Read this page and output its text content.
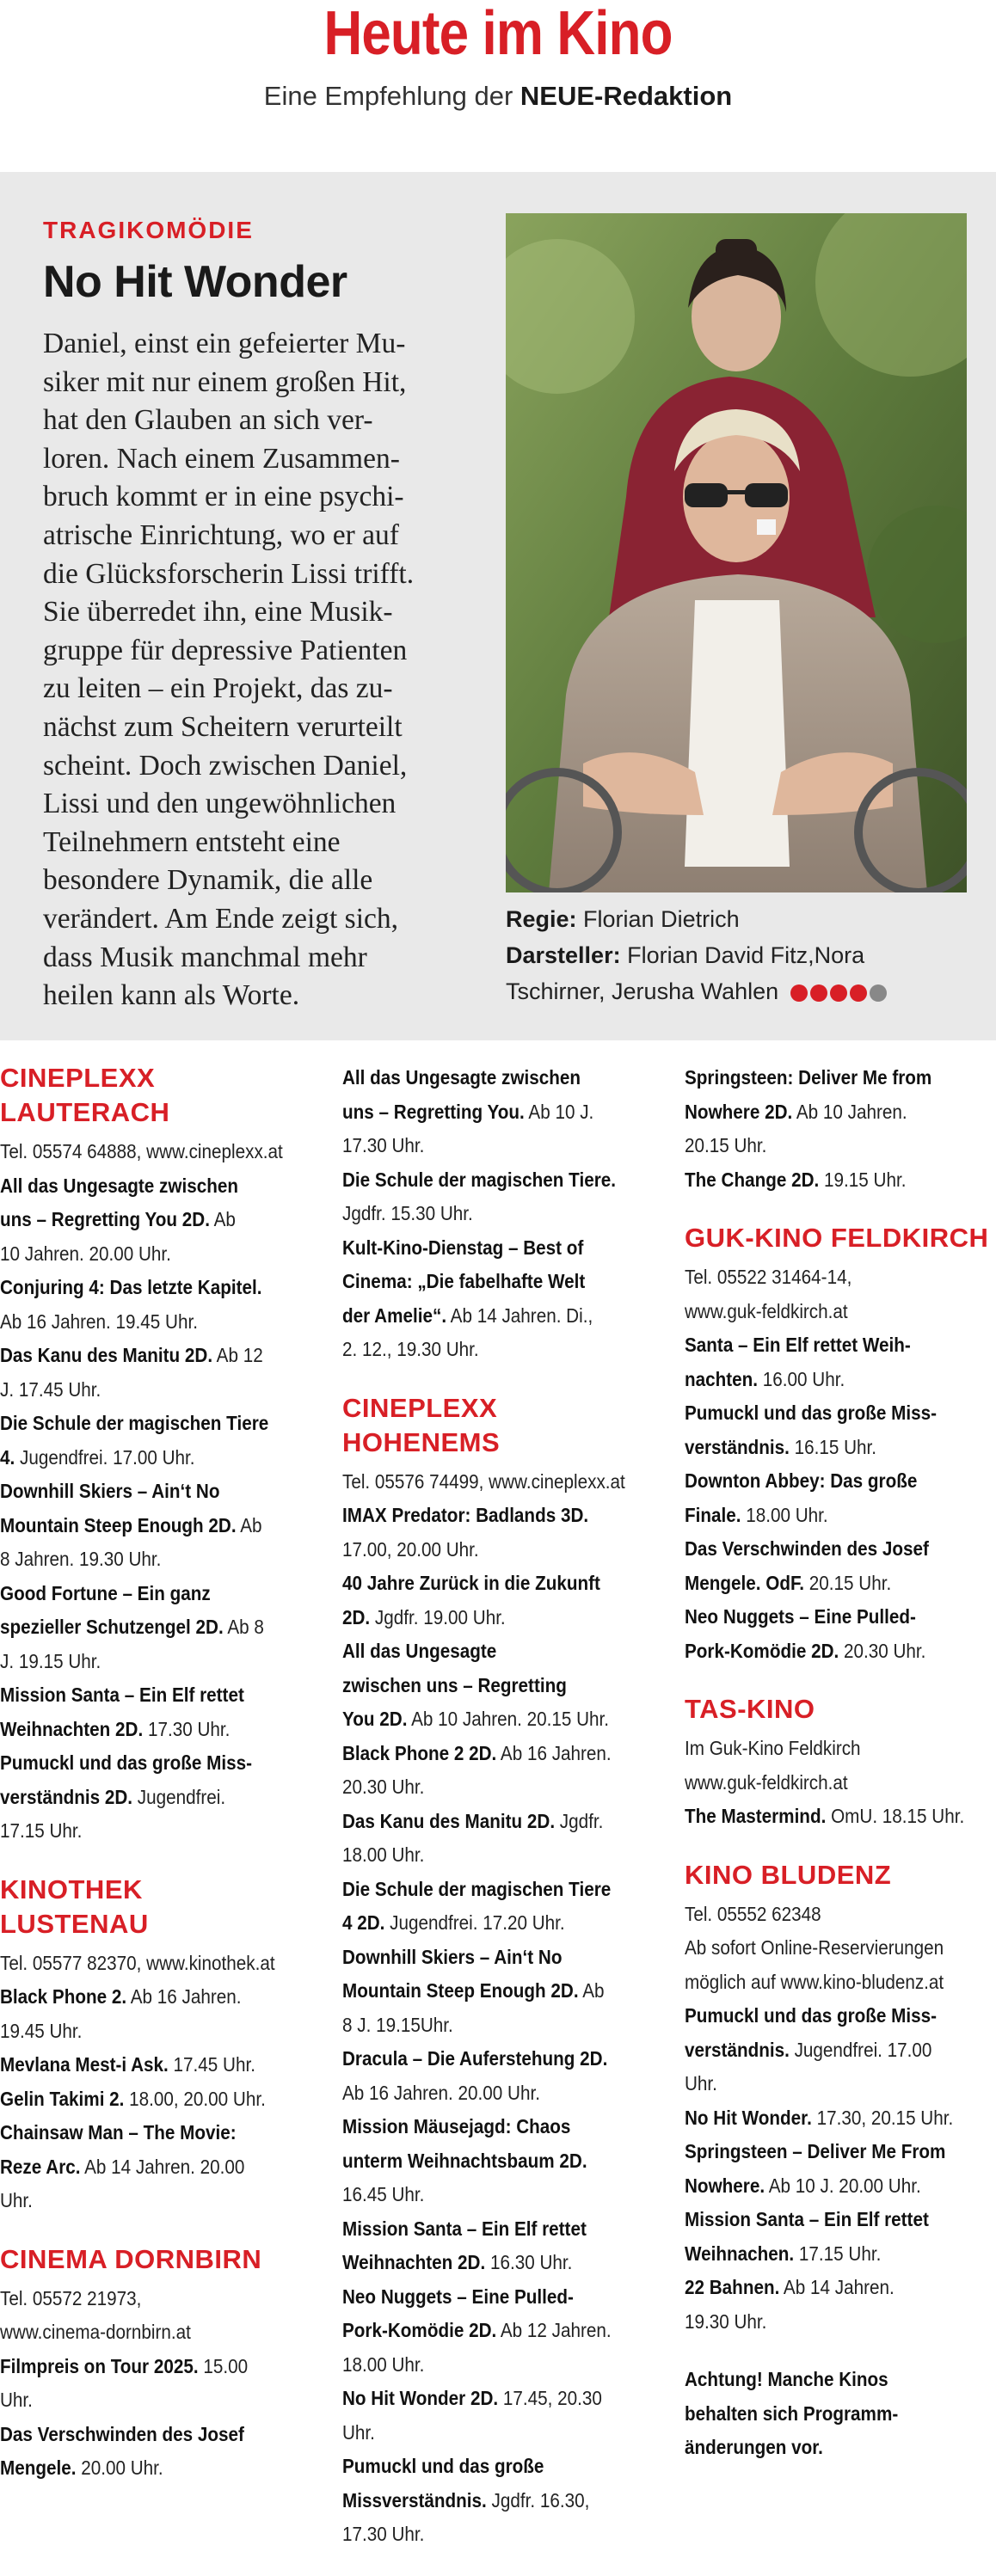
Heute im Kino
Eine Empfehlung der NEUE-Redaktion
TRAGIKOMÖDIE
No Hit Wonder
Daniel, einst ein gefeierter Mu-
siker mit nur einem großen Hit,
hat den Glauben an sich ver-
loren. Nach einem Zusammen-
bruch kommt er in eine psychi-
atrische Einrichtung, wo er auf
die Glücksforscherin Lissi trifft.
Sie überredet ihn, eine Musik-
gruppe für depressive Patienten
zu leiten – ein Projekt, das zu-
nächst zum Scheitern verurteilt
scheint. Doch zwischen Daniel,
Lissi und den ungewöhnlichen
Teilnehmern entsteht eine
besondere Dynamik, die alle
verändert. Am Ende zeigt sich,
dass Musik manchmal mehr
heilen kann als Worte.
Regie: Florian Dietrich
Darsteller: Florian David Fitz,Nora
Tschirner, Jerusha Wahlen
CINEPLEXX
LAUTERACH
Tel. 05574 64888, www.cineplexx.at
All das Ungesagte zwischen
uns – Regretting You 2D. Ab
10 Jahren. 20.00 Uhr.
Conjuring 4: Das letzte Kapitel.
Ab 16 Jahren. 19.45 Uhr.
Das Kanu des Manitu 2D. Ab 12
J. 17.45 Uhr.
Die Schule der magischen Tiere
4. Jugendfrei. 17.00 Uhr.
Downhill Skiers – Ain‘t No
Mountain Steep Enough 2D. Ab
8 Jahren. 19.30 Uhr.
Good Fortune – Ein ganz
spezieller Schutzengel 2D. Ab 8
J. 19.15 Uhr.
Mission Santa – Ein Elf rettet
Weihnachten 2D. 17.30 Uhr.
Pumuckl und das große Miss-
verständnis 2D. Jugendfrei.
17.15 Uhr.
KINOTHEK
LUSTENAU
Tel. 05577 82370, www.kinothek.at
Black Phone 2. Ab 16 Jahren.
19.45 Uhr.
Mevlana Mest-i Ask. 17.45 Uhr.
Gelin Takimi 2. 18.00, 20.00 Uhr.
Chainsaw Man – The Movie:
Reze Arc. Ab 14 Jahren. 20.00
Uhr.
CINEMA DORNBIRN
Tel. 05572 21973,
www.cinema-dornbirn.at
Filmpreis on Tour 2025. 15.00
Uhr.
Das Verschwinden des Josef
Mengele. 20.00 Uhr.
All das Ungesagte zwischen
uns – Regretting You. Ab 10 J.
17.30 Uhr.
Die Schule der magischen Tiere.
Jgdfr. 15.30 Uhr.
Kult-Kino-Dienstag – Best of
Cinema: „Die fabelhafte Welt
der Amelie“. Ab 14 Jahren. Di.,
2. 12., 19.30 Uhr.
CINEPLEXX
HOHENEMS
Tel. 05576 74499, www.cineplexx.at
IMAX Predator: Badlands 3D.
17.00, 20.00 Uhr.
40 Jahre Zurück in die Zukunft
2D. Jgdfr. 19.00 Uhr.
All das Ungesagte
zwischen uns – Regretting
You 2D. Ab 10 Jahren. 20.15 Uhr.
Black Phone 2 2D. Ab 16 Jahren.
20.30 Uhr.
Das Kanu des Manitu 2D. Jgdfr.
18.00 Uhr.
Die Schule der magischen Tiere
4 2D. Jugendfrei. 17.20 Uhr.
Downhill Skiers – Ain‘t No
Mountain Steep Enough 2D. Ab
8 J. 19.15Uhr.
Dracula – Die Auferstehung 2D.
Ab 16 Jahren. 20.00 Uhr.
Mission Mäusejagd: Chaos
unterm Weihnachtsbaum 2D.
16.45 Uhr.
Mission Santa – Ein Elf rettet
Weihnachten 2D. 16.30 Uhr.
Neo Nuggets – Eine Pulled-
Pork-Komödie 2D. Ab 12 Jahren.
18.00 Uhr.
No Hit Wonder 2D. 17.45, 20.30
Uhr.
Pumuckl und das große
Missverständnis. Jgdfr. 16.30,
17.30 Uhr.
Springsteen: Deliver Me from
Nowhere 2D. Ab 10 Jahren.
20.15 Uhr.
The Change 2D. 19.15 Uhr.
GUK-KINO FELDKIRCH
Tel. 05522 31464-14,
www.guk-feldkirch.at
Santa – Ein Elf rettet Weih-
nachten. 16.00 Uhr.
Pumuckl und das große Miss-
verständnis. 16.15 Uhr.
Downton Abbey: Das große
Finale. 18.00 Uhr.
Das Verschwinden des Josef
Mengele. OdF. 20.15 Uhr.
Neo Nuggets – Eine Pulled-
Pork-Komödie 2D. 20.30 Uhr.
TAS-KINO
Im Guk-Kino Feldkirch
www.guk-feldkirch.at
The Mastermind. OmU. 18.15 Uhr.
KINO BLUDENZ
Tel. 05552 62348
Ab sofort Online-Reservierungen
möglich auf www.kino-bludenz.at
Pumuckl und das große Miss-
verständnis. Jugendfrei. 17.00
Uhr.
No Hit Wonder. 17.30, 20.15 Uhr.
Springsteen – Deliver Me From
Nowhere. Ab 10 J. 20.00 Uhr.
Mission Santa – Ein Elf rettet
Weihnachen. 17.15 Uhr.
22 Bahnen. Ab 14 Jahren.
19.30 Uhr.
Achtung! Manche Kinos
behalten sich Programm-
änderungen vor.
